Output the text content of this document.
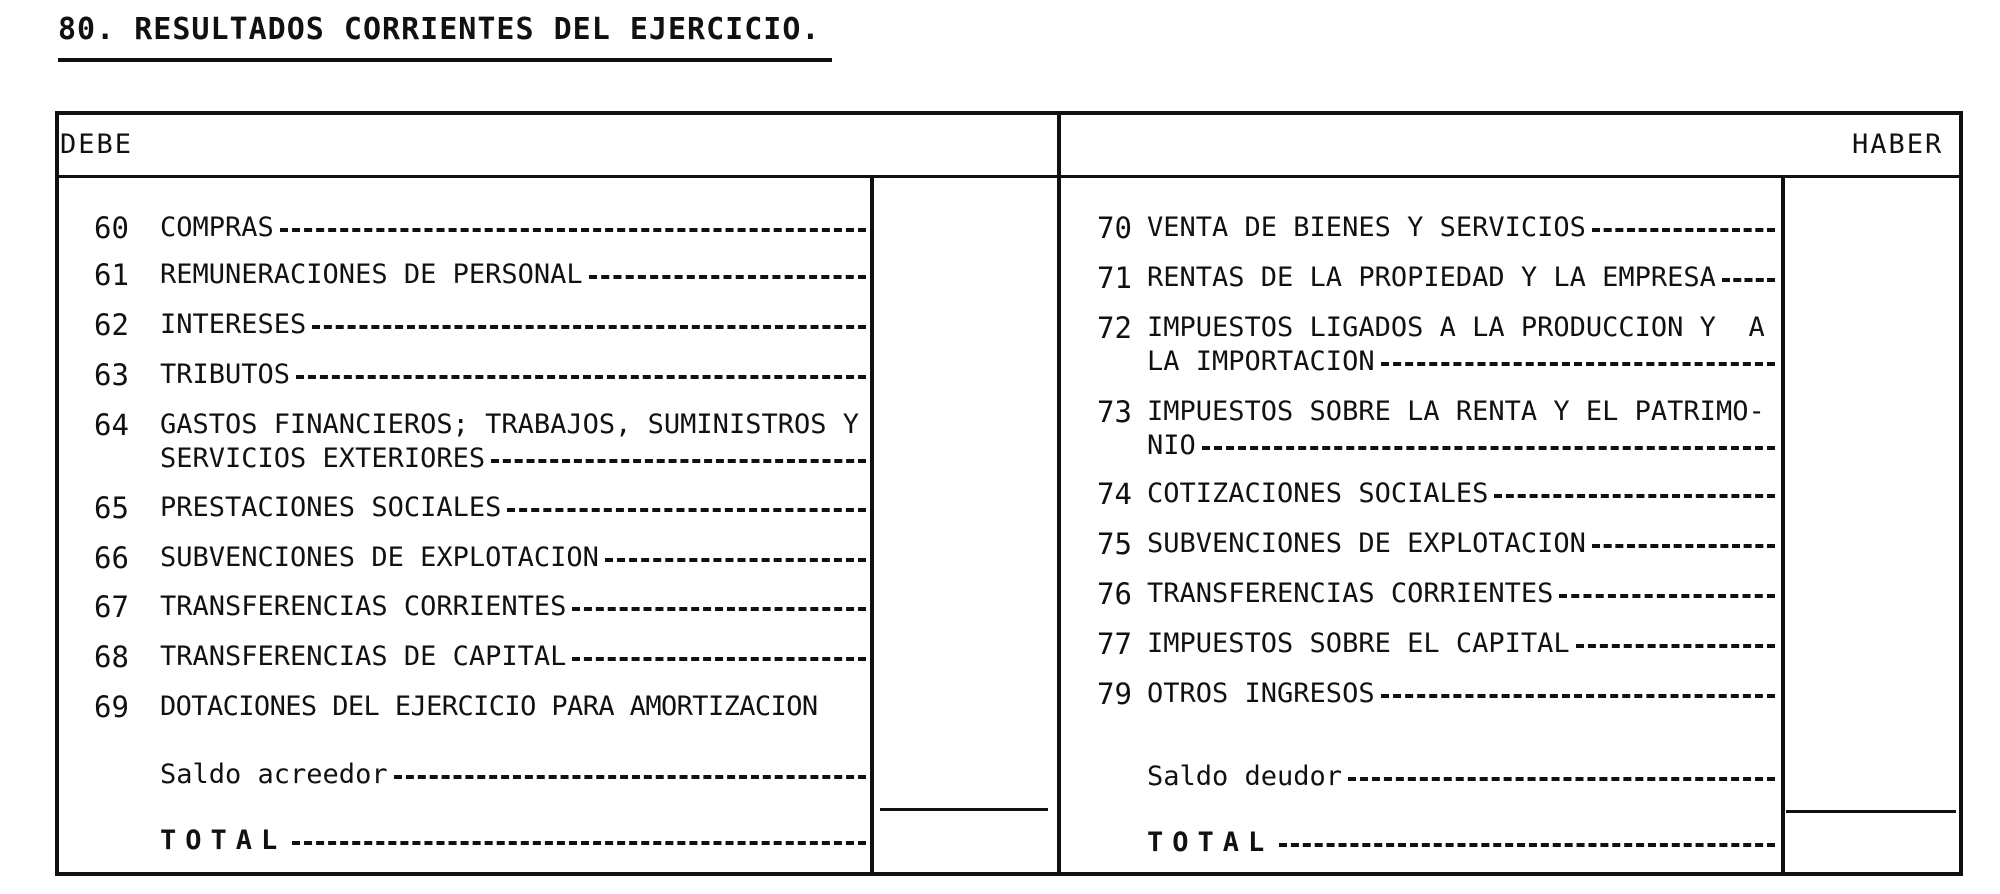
80. RESULTADOS CORRIENTES DEL EJERCICIO.
DEBE	HABER
60 COMPRAS
61 REMUNERACIONES DE PERSONAL
62 INTERESES
63 TRIBUTOS
64 GASTOS FINANCIEROS; TRABAJOS, SUMINISTROS Y
SERVICIOS EXTERIORES
65 PRESTACIONES SOCIALES
66 SUBVENCIONES DE EXPLOTACION
67 TRANSFERENCIAS CORRIENTES
68 TRANSFERENCIAS DE CAPITAL
69 DOTACIONES DEL EJERCICIO PARA AMORTIZACION
Saldo acreedor
TOTAL
70 VENTA DE BIENES Y SERVICIOS
71 RENTAS DE LA PROPIEDAD Y LA EMPRESA
72 IMPUESTOS LIGADOS A LA PRODUCCION Y  A
LA IMPORTACION
73 IMPUESTOS SOBRE LA RENTA Y EL PATRIMO-
NIO
74 COTIZACIONES SOCIALES
75 SUBVENCIONES DE EXPLOTACION
76 TRANSFERENCIAS CORRIENTES
77 IMPUESTOS SOBRE EL CAPITAL
79 OTROS INGRESOS
Saldo deudor
TOTAL
